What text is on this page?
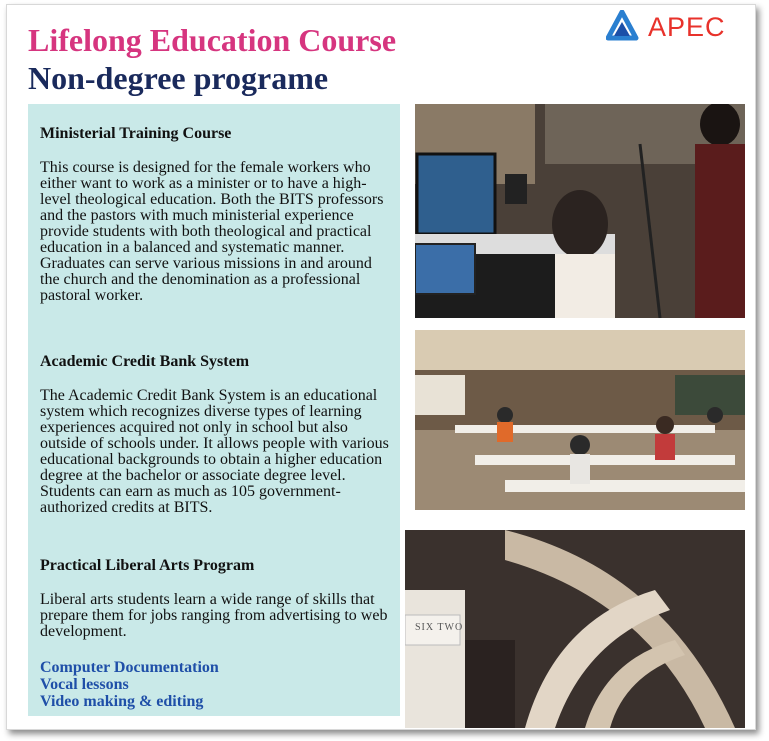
Lifelong Education Course
Non-degree programe
APEC

Ministerial Training Course

This course is designed for the female workers who either want to work as a minister or to have a high-level theological education. Both the BITS professors and the pastors with much ministerial experience provide students with both theological and practical education in a balanced and systematic manner. Graduates can serve various missions in and around the church and the denomination as a professional pastoral worker.

Academic Credit Bank System

The Academic Credit Bank System is an educational system which recognizes diverse types of learning experiences acquired not only in school but also outside of schools under. It allows people with various educational backgrounds to obtain a higher education degree at the bachelor or associate degree level. Students can earn as much as 105 government-authorized credits at BITS.

Practical Liberal Arts Program

Liberal arts students learn a wide range of skills that prepare them for jobs ranging from advertising to web development.

Computer Documentation
Vocal lessons
Video making & editing
SIX TWO
